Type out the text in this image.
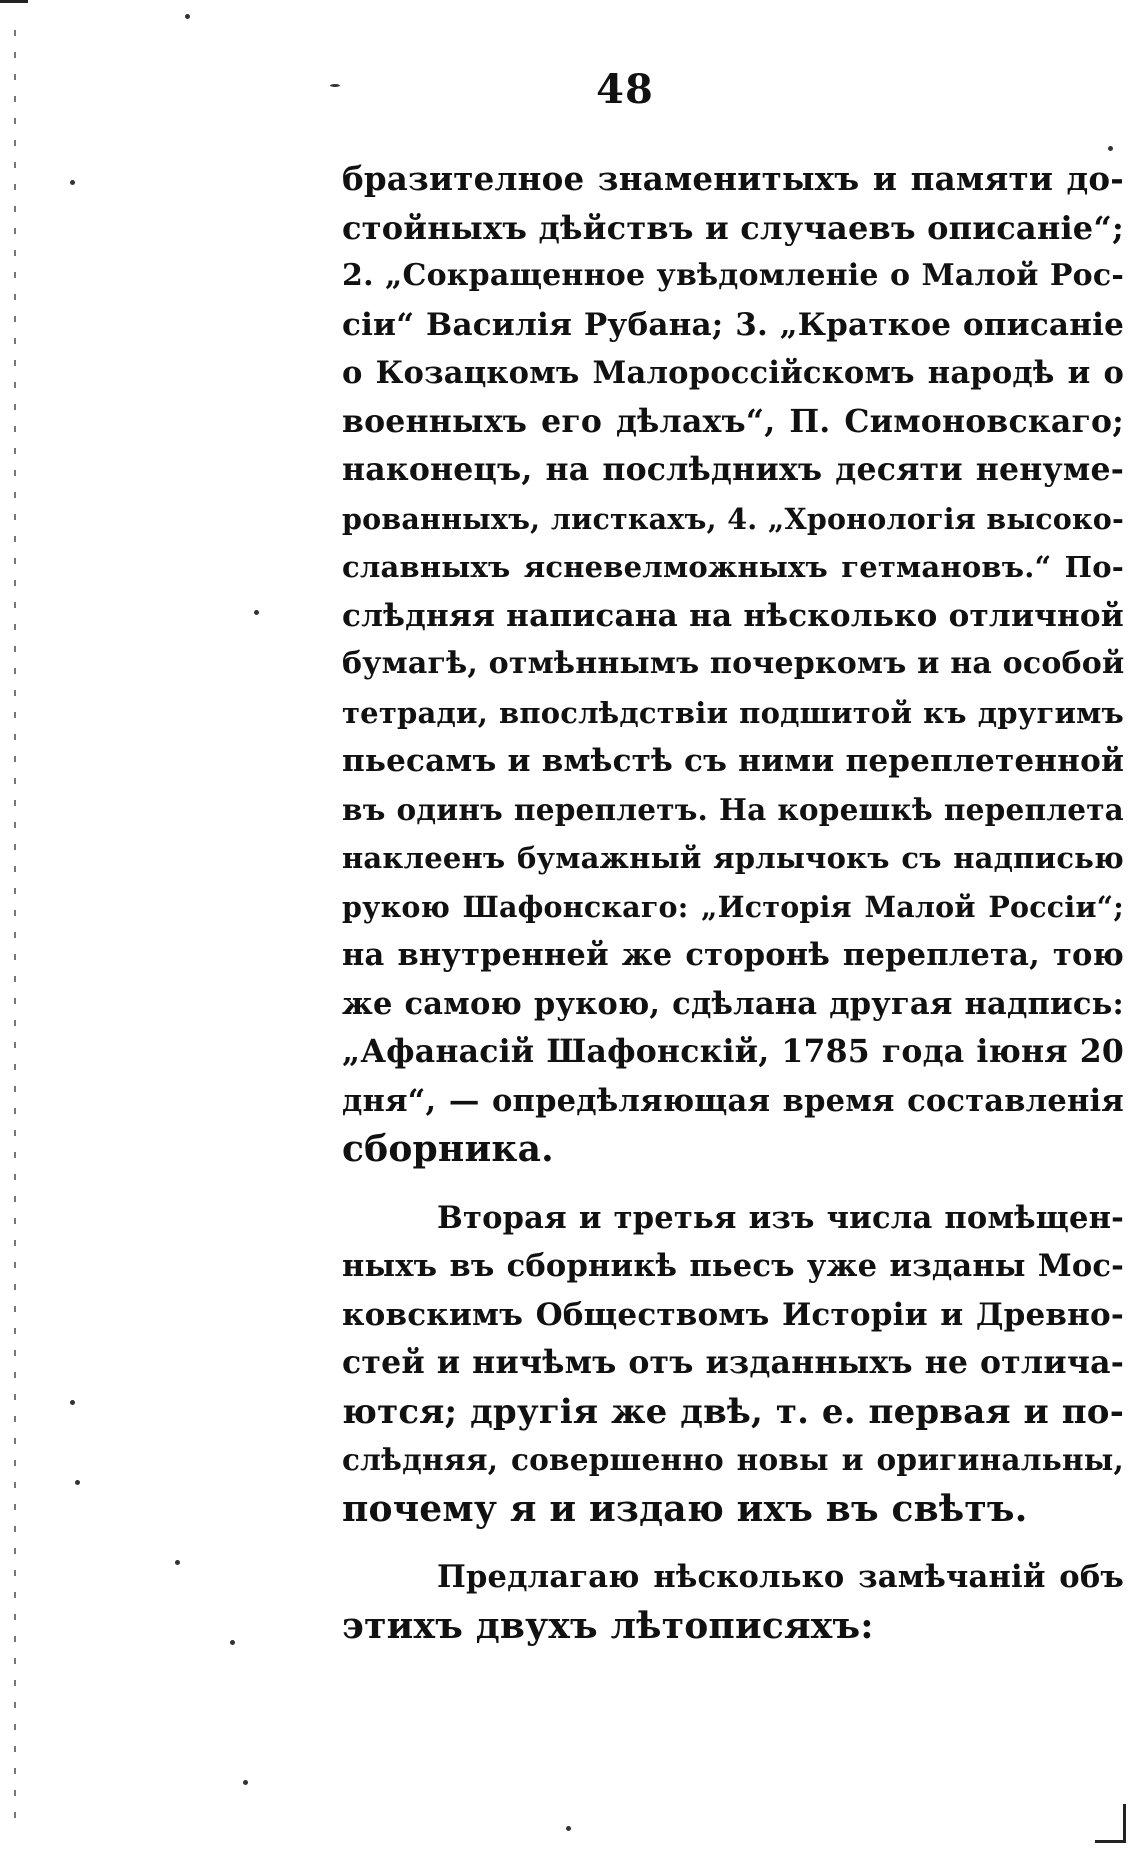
48
бразителное знаменитыхъ и памяти до-
стойныхъ дѣйствъ и случаевъ описаніе“;
2. „Сокращенное увѣдомленіе о Малой Рос-
сіи“ Василія Рубана; 3. „Краткое описаніе
о Козацкомъ Малороссійскомъ народѣ и о
военныхъ его дѣлахъ“, П. Симоновскаго;
наконецъ, на послѣднихъ десяти ненуме-
рованныхъ, листкахъ, 4. „Хронологія высоко-
славныхъ ясневелможныхъ гетмановъ.“ По-
слѣдняя написана на нѣсколько отличной
бумагѣ, отмѣннымъ почеркомъ и на особой
тетради, впослѣдствіи подшитой къ другимъ
пьесамъ и вмѣстѣ съ ними переплетенной
въ одинъ переплетъ. На корешкѣ переплета
наклеенъ бумажный ярлычокъ съ надписью
рукою Шафонскаго: „Исторія Малой Россіи“;
на внутренней же сторонѣ переплета, тою
же самою рукою, сдѣлана другая надпись:
„Афанасій Шафонскій, 1785 года іюня 20
дня“, — опредѣляющая время составленія
сборника.
Вторая и третья изъ числа помѣщен-
ныхъ въ сборникѣ пьесъ уже изданы Мос-
ковскимъ Обществомъ Исторіи и Древно-
стей и ничѣмъ отъ изданныхъ не отлича-
ются; другія же двѣ, т. е. первая и по-
слѣдняя, совершенно новы и оригинальны,
почему я и издаю ихъ въ свѣтъ.
Предлагаю нѣсколько замѣчаній объ
этихъ двухъ лѣтописяхъ:
